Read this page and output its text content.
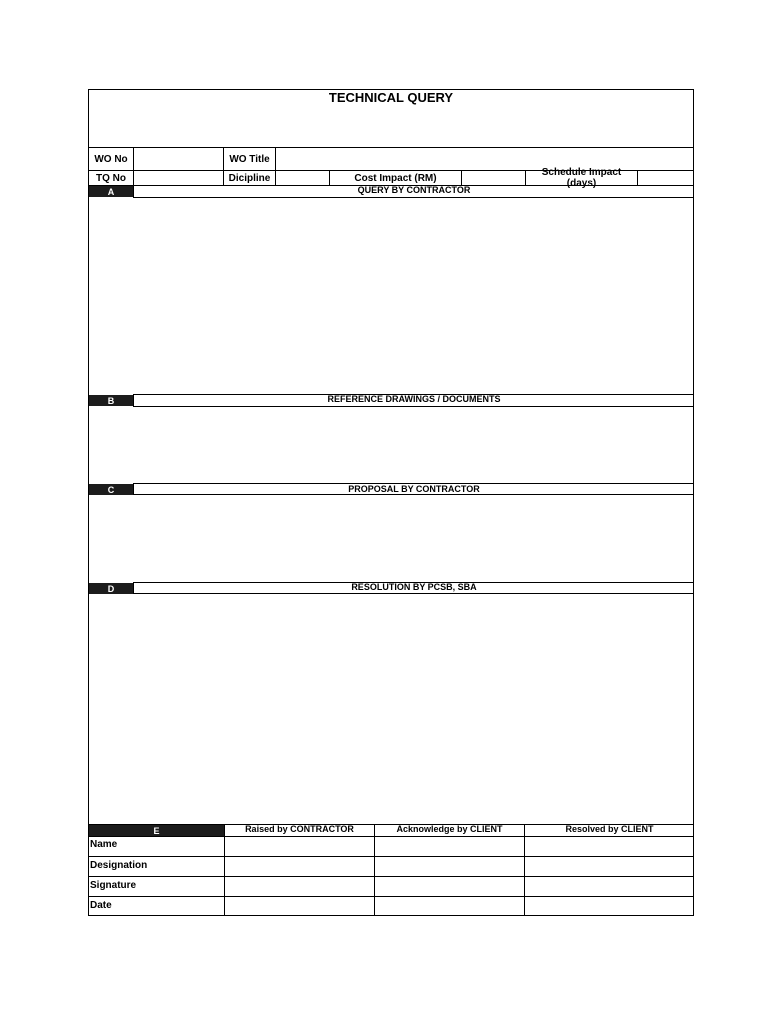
TECHNICAL QUERY
WO No	WO Title
TQ No	Dicipline	Cost Impact (RM)	Schedule Impact (days)
A	QUERY BY CONTRACTOR
B	REFERENCE DRAWINGS / DOCUMENTS
C	PROPOSAL BY CONTRACTOR
D	RESOLUTION BY PCSB, SBA
E	Raised by CONTRACTOR	Acknowledge by CLIENT	Resolved by CLIENT
Name
Designation
Signature
Date
